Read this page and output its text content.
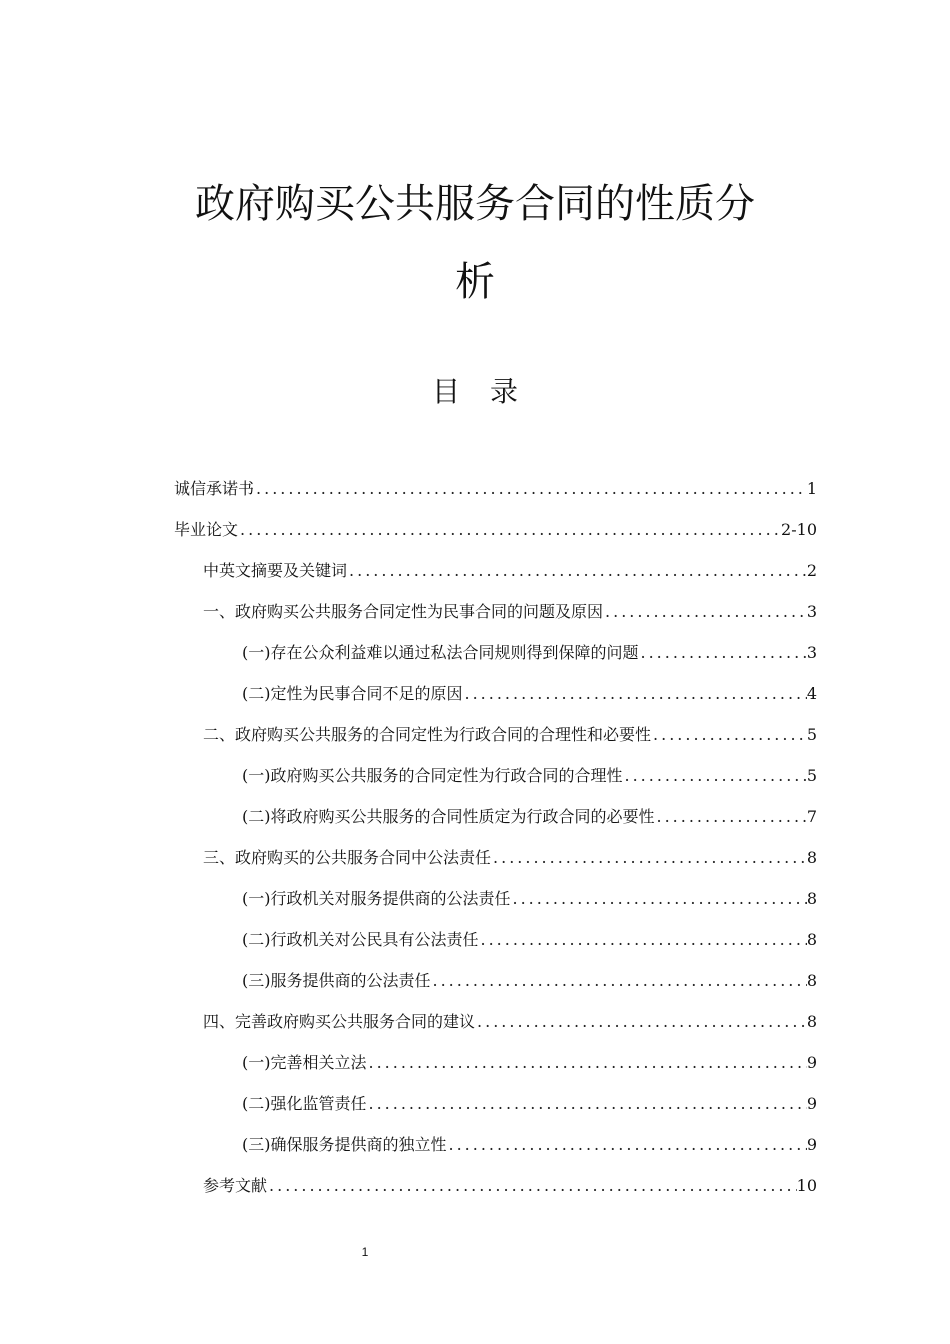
政府购买公共服务合同的性质分
析
目录
诚信承诺书 .....	1
毕业论文 .....	2-10
中英文摘要及关键词 .....	2
一、政府购买公共服务合同定性为民事合同的问题及原因 .....	3
(一)存在公众利益难以通过私法合同规则得到保障的问题 .....	3
(二)定性为民事合同不足的原因 .....	4
二、政府购买公共服务的合同定性为行政合同的合理性和必要性 .....	5
(一)政府购买公共服务的合同定性为行政合同的合理性 .....	5
(二)将政府购买公共服务的合同性质定为行政合同的必要性 .....	7
三、政府购买的公共服务合同中公法责任 .....	8
(一)行政机关对服务提供商的公法责任 .....	8
(二)行政机关对公民具有公法责任 .....	8
(三)服务提供商的公法责任 .....	8
四、完善政府购买公共服务合同的建议 .....	8
(一)完善相关立法 .....	9
(二)强化监管责任 .....	9
(三)确保服务提供商的独立性 .....	9
参考文献 .....	10
1
